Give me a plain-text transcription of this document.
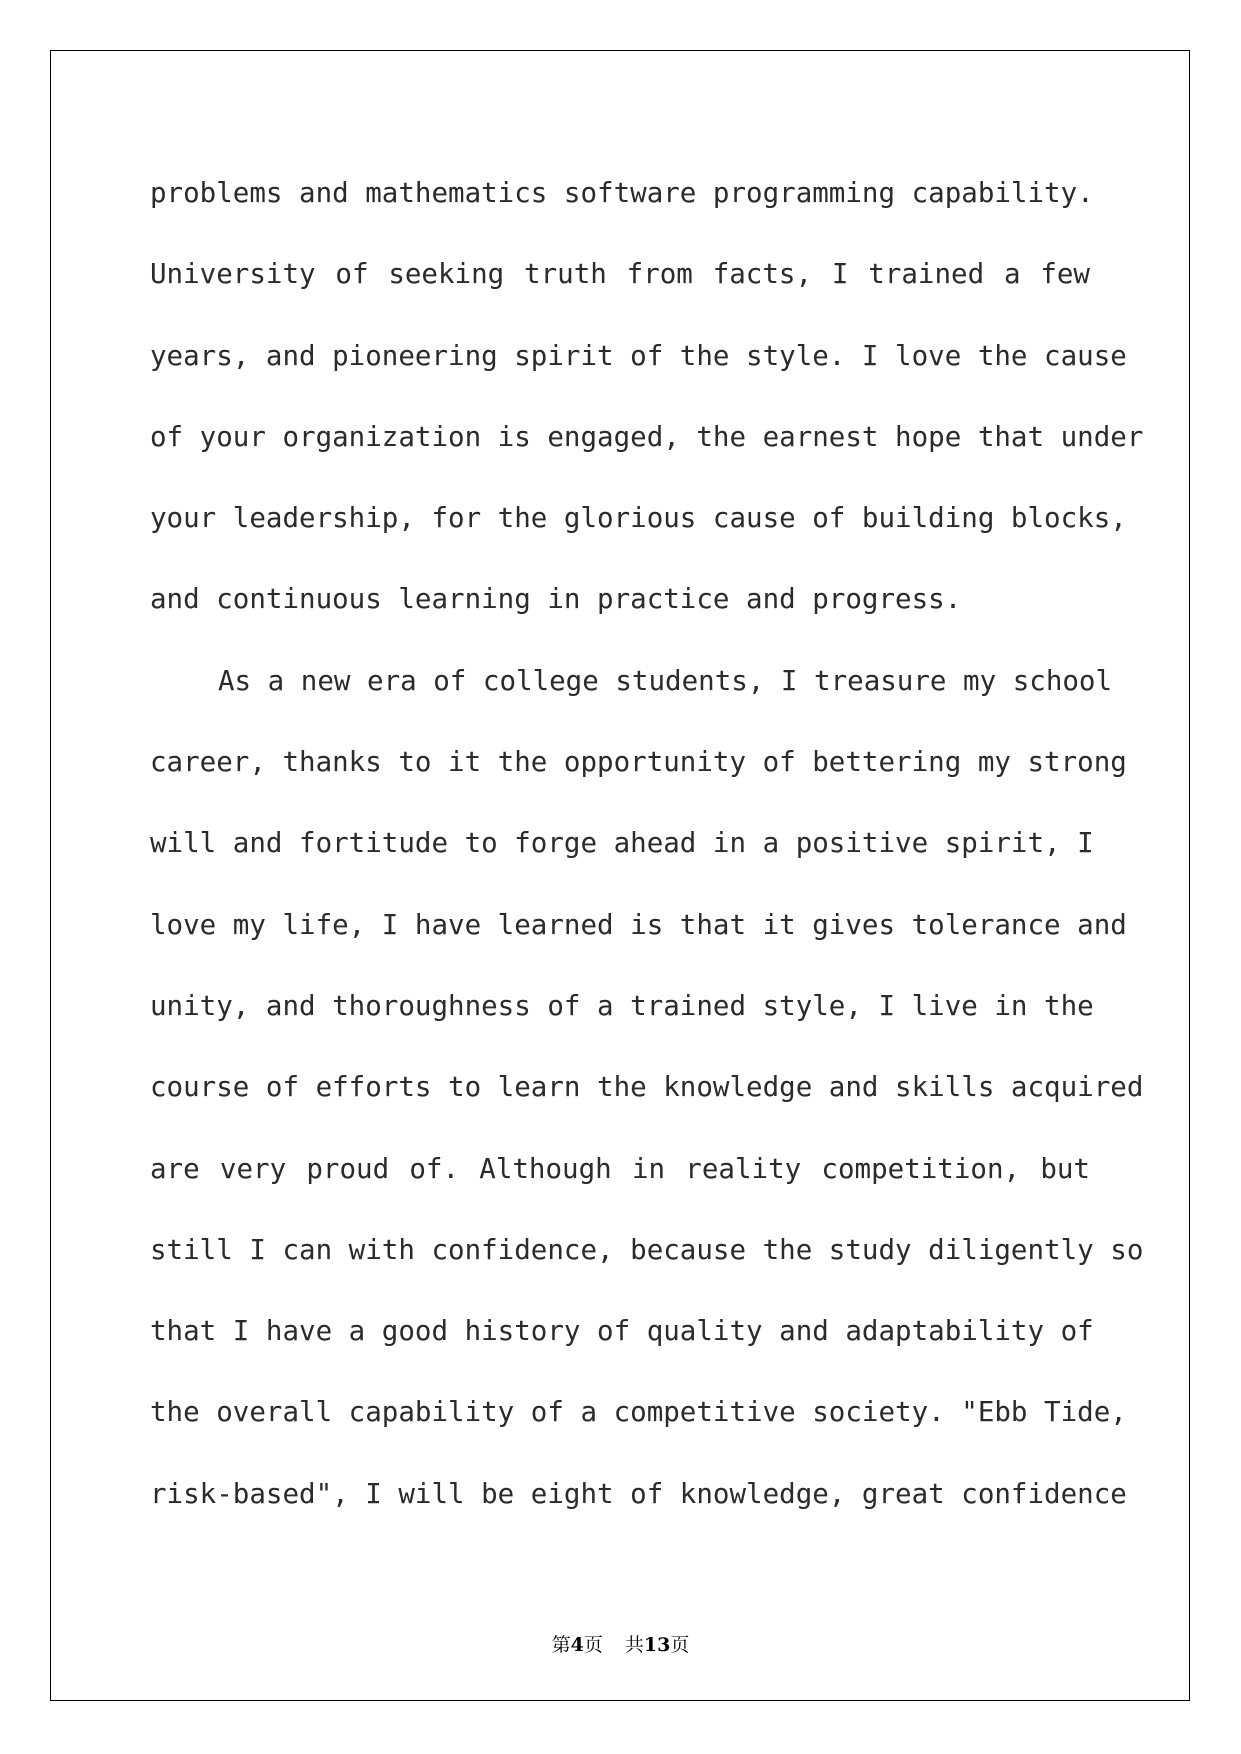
problems and mathematics software programming capability.
University of seeking truth from facts, I trained a few
years, and pioneering spirit of the style. I love the cause
of your organization is engaged, the earnest hope that under
your leadership, for the glorious cause of building blocks,
and continuous learning in practice and progress.
As a new era of college students, I treasure my school
career, thanks to it the opportunity of bettering my strong
will and fortitude to forge ahead in a positive spirit, I
love my life, I have learned is that it gives tolerance and
unity, and thoroughness of a trained style, I live in the
course of efforts to learn the knowledge and skills acquired
are very proud of. Although in reality competition, but
still I can with confidence, because the study diligently so
that I have a good history of quality and adaptability of
the overall capability of a competitive society. "Ebb Tide,
risk-based", I will be eight of knowledge, great confidence
第4页 共13页
